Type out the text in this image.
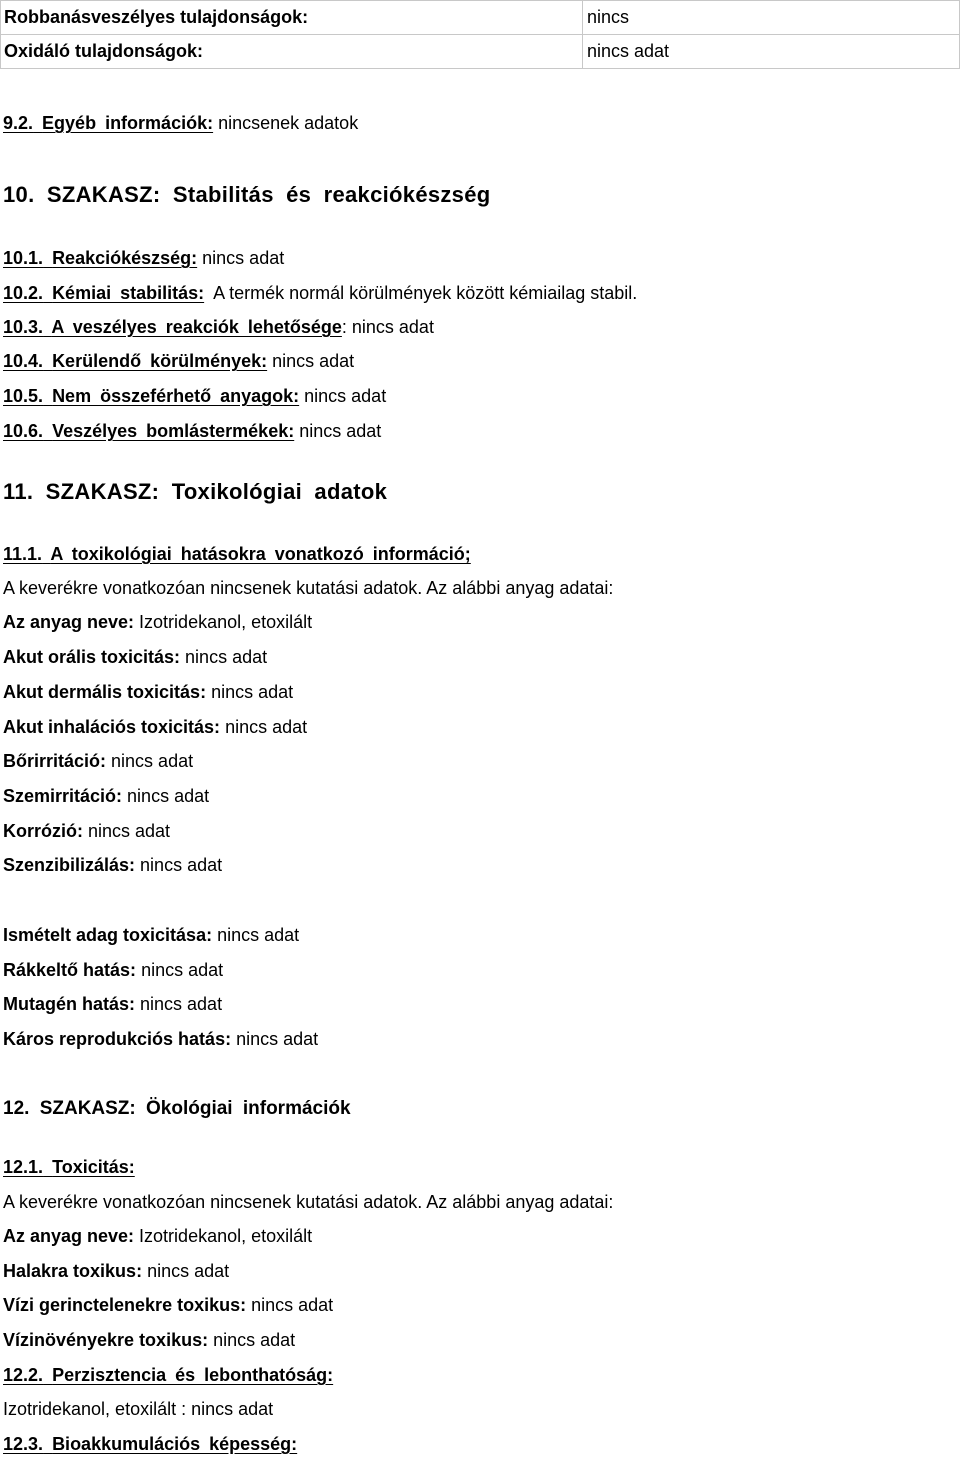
Robbanásveszélyes tulajdonságok:	nincs
Oxidáló tulajdonságok:	nincs adat
9.2. Egyéb információk: nincsenek adatok
10. SZAKASZ: Stabilitás és reakciókészség
10.1. Reakciókészség: nincs adat
10.2. Kémiai stabilitás:  A termék normál körülmények között kémiailag stabil.
10.3. A veszélyes reakciók lehetősége: nincs adat
10.4. Kerülendő körülmények: nincs adat
10.5. Nem összeférhető anyagok: nincs adat
10.6. Veszélyes bomlástermékek: nincs adat
11. SZAKASZ: Toxikológiai adatok
11.1. A toxikológiai hatásokra vonatkozó információ;
A keverékre vonatkozóan nincsenek kutatási adatok. Az alábbi anyag adatai:
Az anyag neve: Izotridekanol, etoxilált
Akut orális toxicitás: nincs adat
Akut dermális toxicitás: nincs adat
Akut inhalációs toxicitás: nincs adat
Bőrirritáció: nincs adat
Szemirritáció: nincs adat
Korrózió: nincs adat
Szenzibilizálás: nincs adat
Ismételt adag toxicitása: nincs adat
Rákkeltő hatás: nincs adat
Mutagén hatás: nincs adat
Káros reprodukciós hatás: nincs adat
12. SZAKASZ: Ökológiai információk
12.1. Toxicitás:
A keverékre vonatkozóan nincsenek kutatási adatok. Az alábbi anyag adatai:
Az anyag neve: Izotridekanol, etoxilált
Halakra toxikus: nincs adat
Vízi gerinctelenekre toxikus: nincs adat
Vízinövényekre toxikus: nincs adat
12.2. Perzisztencia és lebonthatóság:
Izotridekanol, etoxilált : nincs adat
12.3. Bioakkumulációs képesség:
